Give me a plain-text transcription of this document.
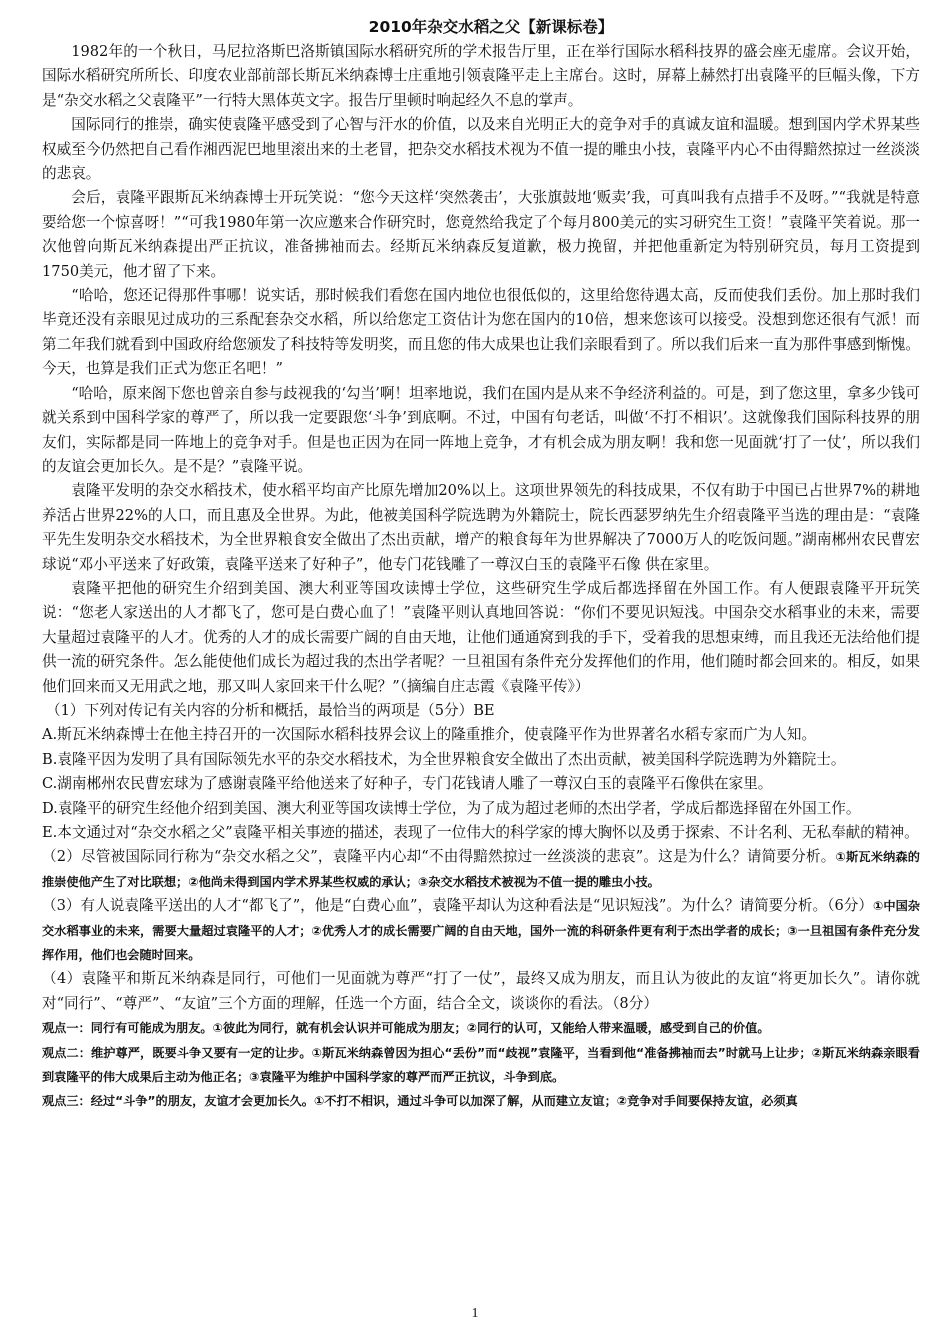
2010年杂交水稻之父【新课标卷】

1982年的一个秋日，马尼拉洛斯巴洛斯镇国际水稻研究所的学术报告厅里，正在举行国际水稻科技界的盛会座无虚席。会议开始，国际水稻研究所所长、印度农业部前部长斯瓦米纳森博士庄重地引领袁隆平走上主席台。这时，屏幕上赫然打出袁隆平的巨幅头像，下方是“杂交水稻之父袁隆平”一行特大黑体英文字。报告厅里顿时响起经久不息的掌声。

国际同行的推崇，确实使袁隆平感受到了心智与汗水的价值，以及来自光明正大的竞争对手的真诚友谊和温暖。想到国内学术界某些权威至今仍然把自己看作湘西泥巴地里滚出来的土老冒，把杂交水稻技术视为不值一提的雕虫小技，袁隆平内心不由得黯然掠过一丝淡淡的悲哀。

会后，袁隆平跟斯瓦米纳森博士开玩笑说：“您今天这样‘突然袭击’，大张旗鼓地‘贩卖’我，可真叫我有点措手不及呀。”“我就是特意要给您一个惊喜呀！”“可我1980年第一次应邀来合作研究时，您竟然给我定了个每月800美元的实习研究生工资！”袁隆平笑着说。那一次他曾向斯瓦米纳森提出严正抗议，准备拂袖而去。经斯瓦米纳森反复道歉，极力挽留，并把他重新定为特别研究员，每月工资提到1750美元，他才留了下来。

“哈哈，您还记得那件事哪！说实话，那时候我们看您在国内地位也很低似的，这里给您待遇太高，反而使我们丢份。加上那时我们毕竟还没有亲眼见过成功的三系配套杂交水稻，所以给您定工资估计为您在国内的10倍，想来您该可以接受。没想到您还很有气派！而第二年我们就看到中国政府给您颁发了科技特等发明奖，而且您的伟大成果也让我们亲眼看到了。所以我们后来一直为那件事感到惭愧。今天，也算是我们正式为您正名吧！”

“哈哈，原来阁下您也曾亲自参与歧视我的‘勾当’啊！坦率地说，我们在国内是从来不争经济利益的。可是，到了您这里，拿多少钱可就关系到中国科学家的尊严了，所以我一定要跟您‘斗争’到底啊。不过，中国有句老话，叫做‘不打不相识’。这就像我们国际科技界的朋友们，实际都是同一阵地上的竞争对手。但是也正因为在同一阵地上竞争，才有机会成为朋友啊！我和您一见面就‘打了一仗’，所以我们的友谊会更加长久。是不是？”袁隆平说。

袁隆平发明的杂交水稻技术，使水稻平均亩产比原先增加20%以上。这项世界领先的科技成果，不仅有助于中国已占世界7%的耕地养活占世界22%的人口，而且惠及全世界。为此，他被美国科学院选聘为外籍院士，院长西瑟罗纳先生介绍袁隆平当选的理由是：“袁隆平先生发明杂交水稻技术，为全世界粮食安全做出了杰出贡献，增产的粮食每年为世界解决了7000万人的吃饭问题。”湖南郴州农民曹宏球说“邓小平送来了好政策，袁隆平送来了好种子”，他专门花钱雕了一尊汉白玉的袁隆平石像 供在家里。

袁隆平把他的研究生介绍到美国、澳大利亚等国攻读博士学位，这些研究生学成后都选择留在外国工作。有人便跟袁隆平开玩笑说：“您老人家送出的人才都飞了，您可是白费心血了！”袁隆平则认真地回答说：“你们不要见识短浅。中国杂交水稻事业的未来，需要大量超过袁隆平的人才。优秀的人才的成长需要广阔的自由天地，让他们通通窝到我的手下，受着我的思想束缚，而且我还无法给他们提供一流的研究条件。怎么能使他们成长为超过我的杰出学者呢？一旦祖国有条件充分发挥他们的作用，他们随时都会回来的。相反，如果他们回来而又无用武之地，那又叫人家回来干什么呢？”（摘编自庄志霞《袁隆平传》）

（1）下列对传记有关内容的分析和概括，最恰当的两项是（5分）BE

A.斯瓦米纳森博士在他主持召开的一次国际水稻科技界会议上的隆重推介，使袁隆平作为世界著名水稻专家而广为人知。

B.袁隆平因为发明了具有国际领先水平的杂交水稻技术，为全世界粮食安全做出了杰出贡献，被美国科学院选聘为外籍院士。

C.湖南郴州农民曹宏球为了感谢袁隆平给他送来了好种子，专门花钱请人雕了一尊汉白玉的袁隆平石像供在家里。

D.袁隆平的研究生经他介绍到美国、澳大利亚等国攻读博士学位，为了成为超过老师的杰出学者，学成后都选择留在外国工作。

E.本文通过对“杂交水稻之父”袁隆平相关事迹的描述，表现了一位伟大的科学家的博大胸怀以及勇于探索、不计名利、无私奉献的精神。

（2）尽管被国际同行称为“杂交水稻之父”，袁隆平内心却“不由得黯然掠过一丝淡淡的悲哀”。这是为什么？请简要分析。①斯瓦米纳森的推崇使他产生了对比联想；②他尚未得到国内学术界某些权威的承认；③杂交水稻技术被视为不值一提的雕虫小技。

（3）有人说袁隆平送出的人才“都飞了”，他是“白费心血”，袁隆平却认为这种看法是“见识短浅”。为什么？请简要分析。（6分）①中国杂交水稻事业的未来，需要大量超过袁隆平的人才；②优秀人才的成长需要广阔的自由天地，国外一流的科研条件更有利于杰出学者的成长；③一旦祖国有条件充分发挥作用，他们也会随时回来。

（4）袁隆平和斯瓦米纳森是同行，可他们一见面就为尊严“打了一仗”，最终又成为朋友，而且认为彼此的友谊“将更加长久”。请你就对“同行”、“尊严”、“友谊”三个方面的理解，任选一个方面，结合全文，谈谈你的看法。（8分）

观点一：同行有可能成为朋友。①彼此为同行，就有机会认识并可能成为朋友；②同行的认可，又能给人带来温暖，感受到自己的价值。

观点二：维护尊严，既要斗争又要有一定的让步。①斯瓦米纳森曾因为担心“丢份”而“歧视”袁隆平，当看到他“准备拂袖而去”时就马上让步；②斯瓦米纳森亲眼看到袁隆平的伟大成果后主动为他正名；③袁隆平为维护中国科学家的尊严而严正抗议，斗争到底。

观点三：经过“斗争”的朋友，友谊才会更加长久。①不打不相识，通过斗争可以加深了解，从而建立友谊；②竞争对手间要保持友谊，必须真

1
